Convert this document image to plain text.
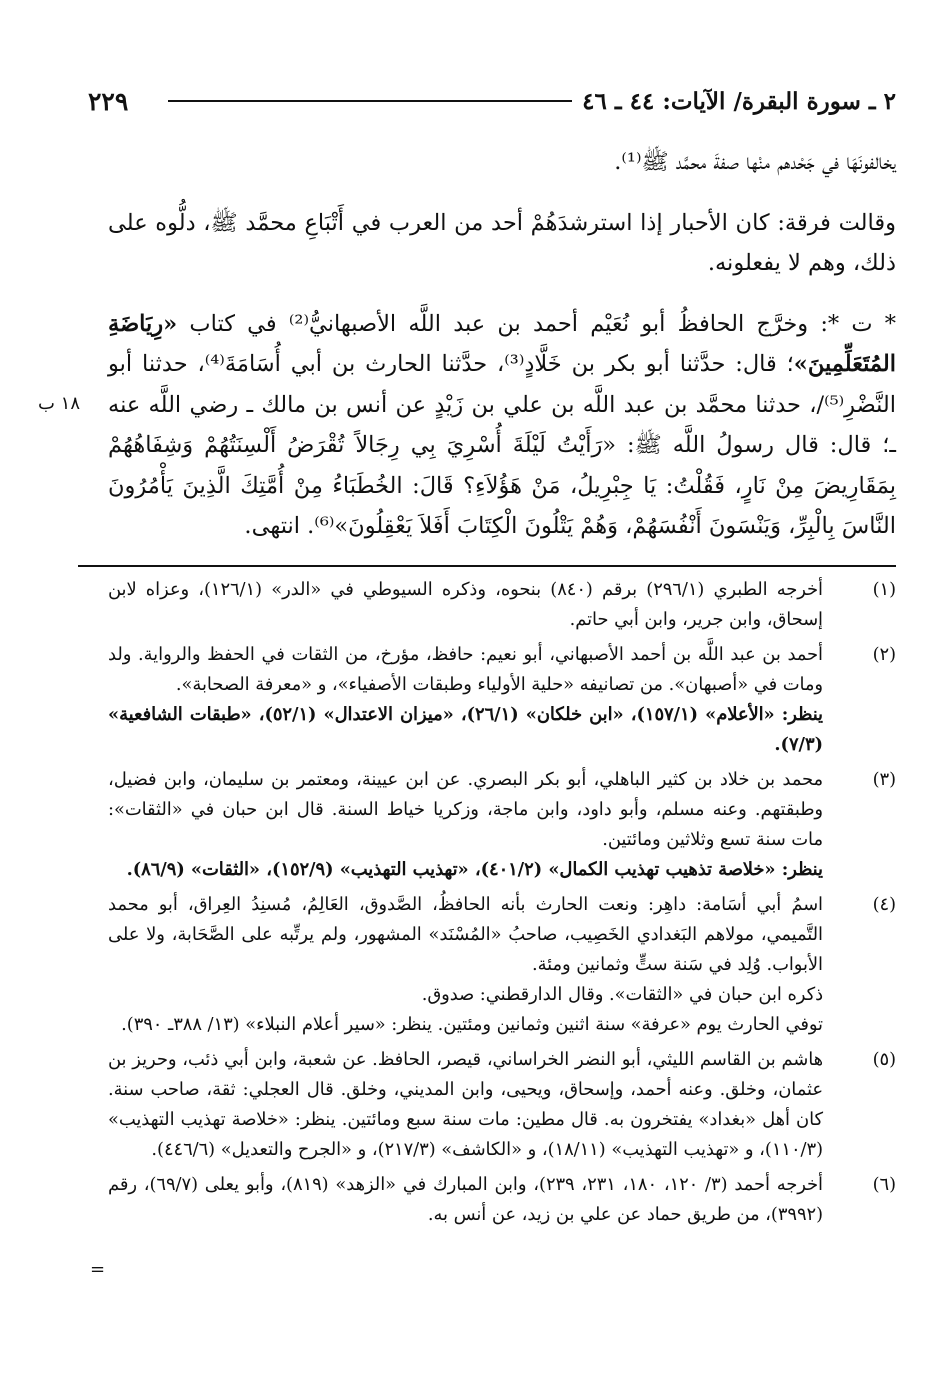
٢٢٩	٢ ـ سورة البقرة/ الآيات: ٤٤ ـ ٤٦
١٨ ب

يخالفونَهَا في جَحْدهم منْها صفةَ محمَّد ﷺ⁽¹⁾.

وقالت فرقة: كان الأحبار إذا استرشدَهُمْ أحد من العرب في أَتْبَاعِ محمَّد ﷺ، دلُّوه على ذلك، وهم لا يفعلونه.

* ت *: وخرَّج الحافظُ أبو نُعَيْم أحمد بن عبد اللَّه الأصبهانيُّ⁽²⁾ في كتاب «رِيَاضَةِ المُتَعَلِّمِينَ»؛ قال: حدَّثنا أبو بكر بن خَلَّادٍ⁽³⁾، حدَّثنا الحارث بن أبي أُسَامَةَ⁽⁴⁾، حدثنا أبو النَّضْرِ⁽⁵⁾/، حدثنا محمَّد بن عبد اللَّه بن علي بن زَيْدٍ عن أنس بن مالك ـ رضي اللَّه عنه ـ؛ قال: قال رسولُ اللَّه ﷺ: «رَأَيْتُ لَيْلَةَ أُسْرِيَ بِي رِجَالاً تُقْرَضُ أَلْسِنَتُهُمْ وَشِفَاهُهُمْ بِمَقَارِيضَ مِنْ نَارٍ، فَقُلْتُ: يَا جِبْرِيلُ، مَنْ هَؤُلاَءِ؟ قَالَ: الخُطَبَاءُ مِنْ أُمَّتِكَ الَّذِينَ يَأْمُرُونَ النَّاسَ بِالْبِرِّ، وَيَنْسَونَ أَنْفُسَهُمْ، وَهُمْ يَتْلُونَ الْكِتَابَ أَفَلاَ يَعْقِلُونَ»⁽⁶⁾. انتهى.

(١)

أخرجه الطبري (٢٩٦/١) برقم (٨٤٠) بنحوه، وذكره السيوطي في «الدر» (١٢٦/١)، وعزاه لابن إسحاق، وابن جرير، وابن أبي حاتم.

(٢)

أحمد بن عبد اللَّه بن أحمد الأصبهاني، أبو نعيم: حافظ، مؤرخ، من الثقات في الحفظ والرواية. ولد ومات في «أصبهان». من تصانيفه «حلية الأولياء وطبقات الأصفياء»، و «معرفة الصحابة».

ينظر: «الأعلام» (١٥٧/١)، «ابن خلكان» (٢٦/١)، «ميزان الاعتدال» (٥٢/١)، «طبقات الشافعية» (٧/٣).

(٣)

محمد بن خلاد بن كثير الباهلي، أبو بكر البصري. عن ابن عيينة، ومعتمر بن سليمان، وابن فضيل، وطبقتهم. وعنه مسلم، وأبو داود، وابن ماجة، وزكريا خياط السنة. قال ابن حبان في «الثقات»: مات سنة تسع وثلاثين ومائتين.

ينظر: «خلاصة تذهيب تهذيب الكمال» (٤٠١/٢)، «تهذيب التهذيب» (١٥٢/٩)، «الثقات» (٨٦/٩).

(٤)

اسمُ أبي أسَامة: داهِر: ونعت الحارث بأنه الحافظُ، الصَّدوق، العَالِمُ، مُسنِدُ العِراق، أبو محمد التَّميمي، مولاهم البَغدادي الخَصِيب، صاحبُ «المُسْنَد» المشهور، ولم يرتِّبه على الصَّحَابة، ولا على الأبواب. وُلِد في سَنة ستٍّ وثمانين ومئة.

ذكره ابن حبان في «الثقات». وقال الدارقطني: صدوق.

توفي الحارث يوم «عرفة» سنة اثنين وثمانين ومئتين. ينظر: «سير أعلام النبلاء» (١٣/ ٣٨٨ـ ٣٩٠).

(٥)

هاشم بن القاسم الليثي، أبو النضر الخراساني، قيصر، الحافظ. عن شعبة، وابن أبي ذئب، وحريز بن عثمان، وخلق. وعنه أحمد، وإسحاق، ويحيى، وابن المديني، وخلق. قال العجلي: ثقة، صاحب سنة. كان أهل «بغداد» يفتخرون به. قال مطين: مات سنة سبع ومائتين. ينظر: «خلاصة تهذيب التهذيب» (١١٠/٣)، و «تهذيب التهذيب» (١٨/١١)، و «الكاشف» (٢١٧/٣)، و «الجرح والتعديل» (٤٤٦/٦).

(٦)

أخرجه أحمد (٣/ ١٢٠، ١٨٠، ٢٣١، ٢٣٩)، وابن المبارك في «الزهد» (٨١٩)، وأبو يعلى (٦٩/٧)، رقم (٣٩٩٢)، من طريق حماد عن علي بن زيد، عن أنس به.

=
